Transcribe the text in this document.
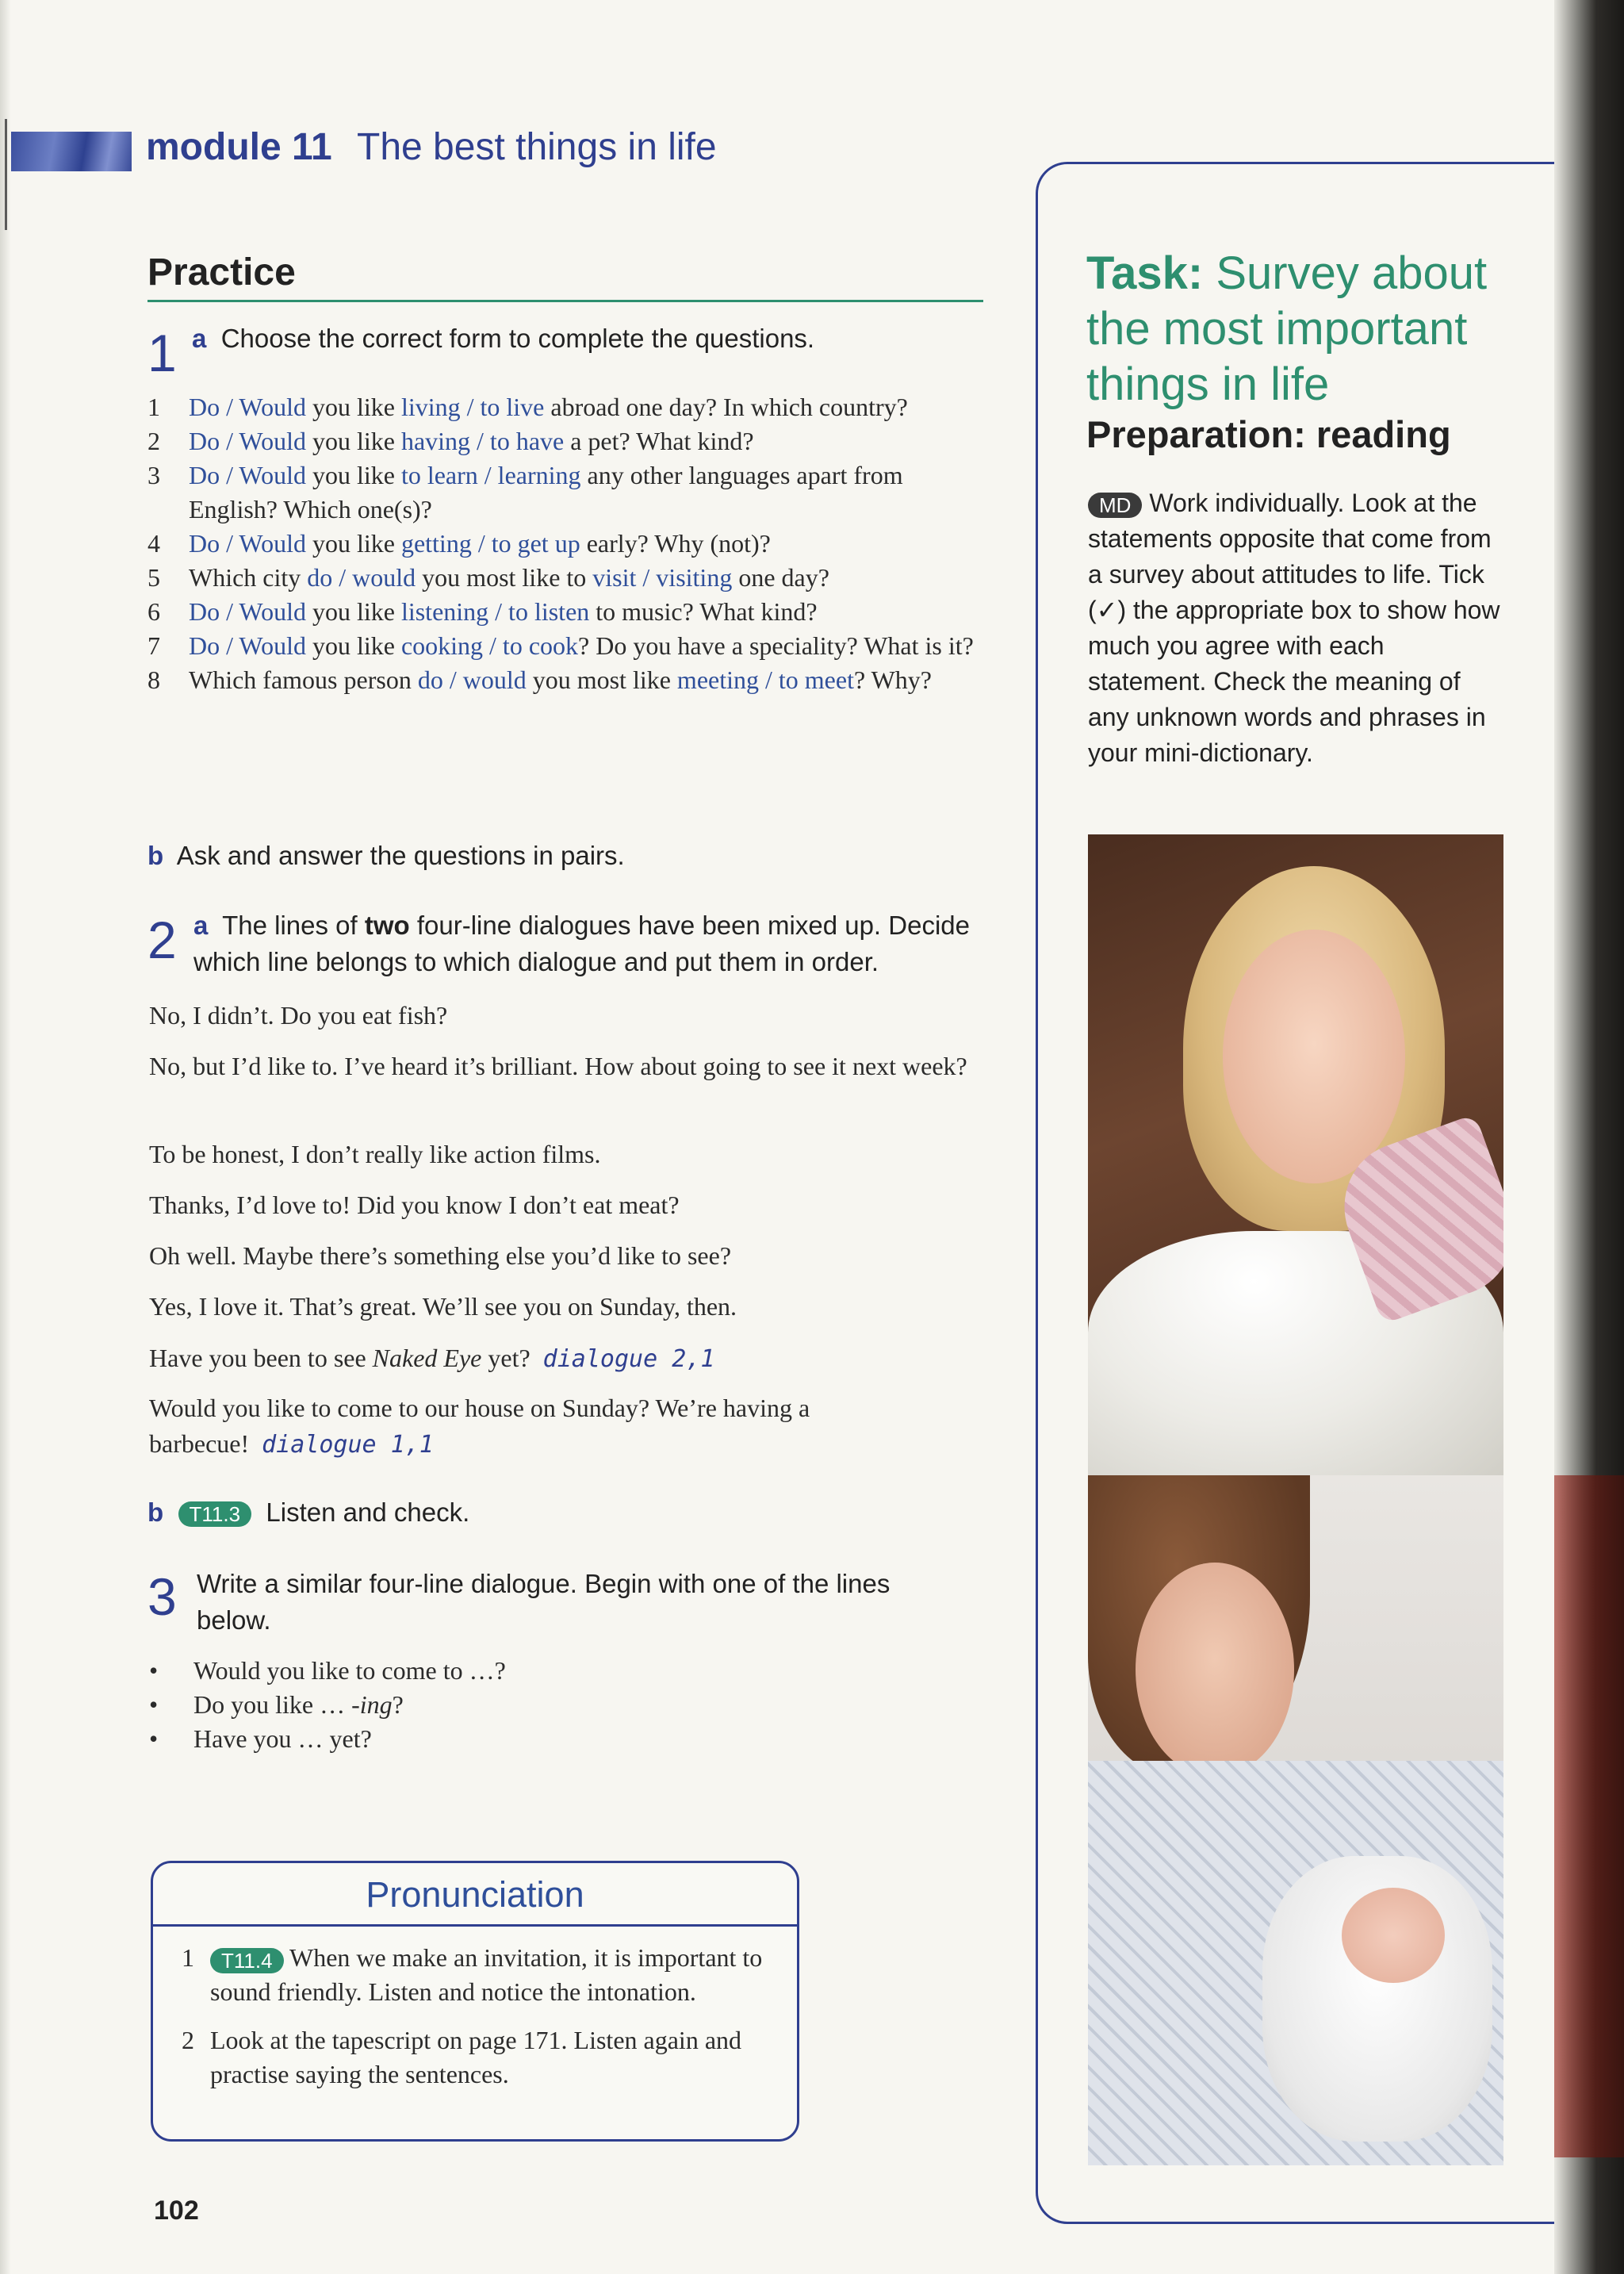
module 11 The best things in life
Practice
1 a Choose the correct form to complete the questions.
1	Do / Would you like living / to live abroad one day? In which country?
2	Do / Would you like having / to have a pet? What kind?
3	Do / Would you like to learn / learning any other languages apart from English? Which one(s)?
4	Do / Would you like getting / to get up early? Why (not)?
5	Which city do / would you most like to visit / visiting one day?
6	Do / Would you like listening / to listen to music? What kind?
7	Do / Would you like cooking / to cook? Do you have a speciality? What is it?
8	Which famous person do / would you most like meeting / to meet? Why?
b Ask and answer the questions in pairs.
2 a The lines of two four-line dialogues have been mixed up. Decide which line belongs to which dialogue and put them in order.
No, I didn’t. Do you eat fish?
No, but I’d like to. I’ve heard it’s brilliant. How about going to see it next week?
To be honest, I don’t really like action films.
Thanks, I’d love to! Did you know I don’t eat meat?
Oh well. Maybe there’s something else you’d like to see?
Yes, I love it. That’s great. We’ll see you on Sunday, then.
Have you been to see Naked Eye yet? dialogue 2,1
Would you like to come to our house on Sunday? We’re having a barbecue! dialogue 1,1
b T11.3 Listen and check.
3 Write a similar four-line dialogue. Begin with one of the lines below.
•	Would you like to come to …?
•	Do you like … -ing?
•	Have you … yet?
Pronunciation
1	T11.4 When we make an invitation, it is important to sound friendly. Listen and notice the intonation.
2 Look at the tapescript on page 171. Listen again and practise saying the sentences.
102
Task: Survey about the most important things in life
Preparation: reading
MD Work individually. Look at the statements opposite that come from a survey about attitudes to life. Tick (✓) the appropriate box to show how much you agree with each statement. Check the meaning of any unknown words and phrases in your mini-dictionary.
